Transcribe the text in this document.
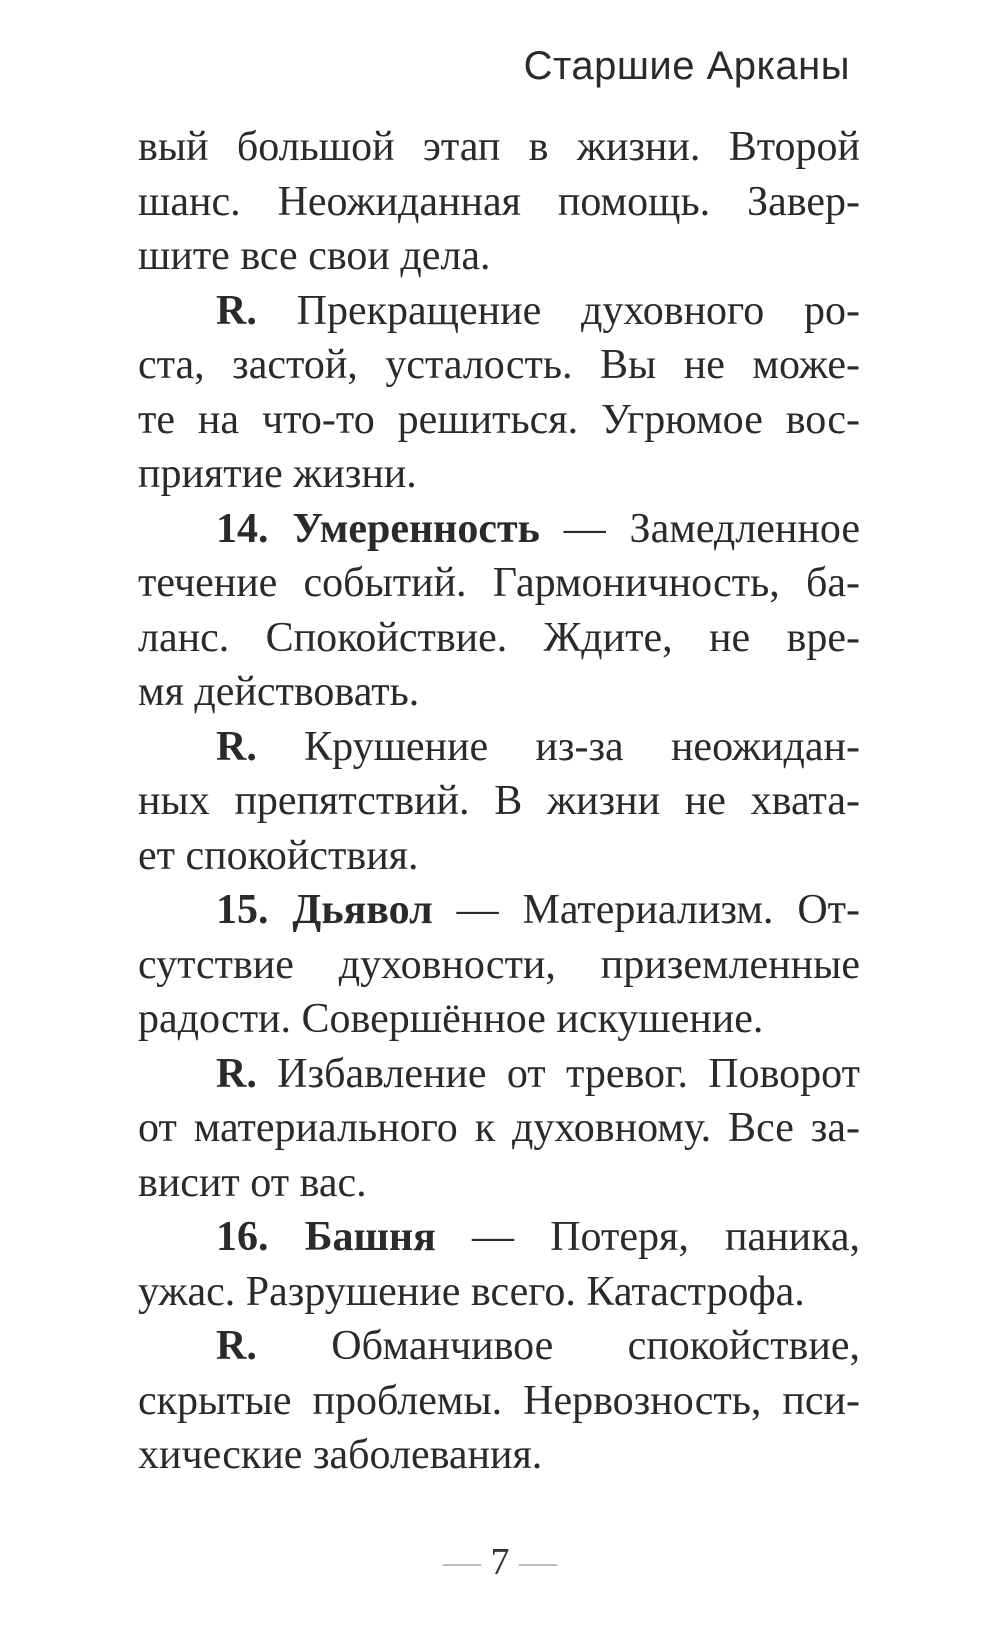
Старшие Арканы
вый большой этап в жизни. Второй
шанс. Неожиданная помощь. Завер-
шите все свои дела.
R. Прекращение духовного ро-
ста, застой, усталость. Вы не може-
те на что-то решиться. Угрюмое вос-
приятие жизни.
14. Умеренность — Замедленное
течение событий. Гармоничность, ба-
ланс. Спокойствие. Ждите, не вре-
мя действовать.
R. Крушение из-за неожидан-
ных препятствий. В жизни не хвата-
ет спокойствия.
15. Дьявол — Материализм. От-
сутствие духовности, приземленные
радости. Совершённое искушение.
R. Избавление от тревог. Поворот
от материального к духовному. Все за-
висит от вас.
16. Башня — Потеря, паника,
ужас. Разрушение всего. Катастрофа.
R. Обманчивое спокойствие,
скрытые проблемы. Нервозность, пси-
хические заболевания.
— 7 —
